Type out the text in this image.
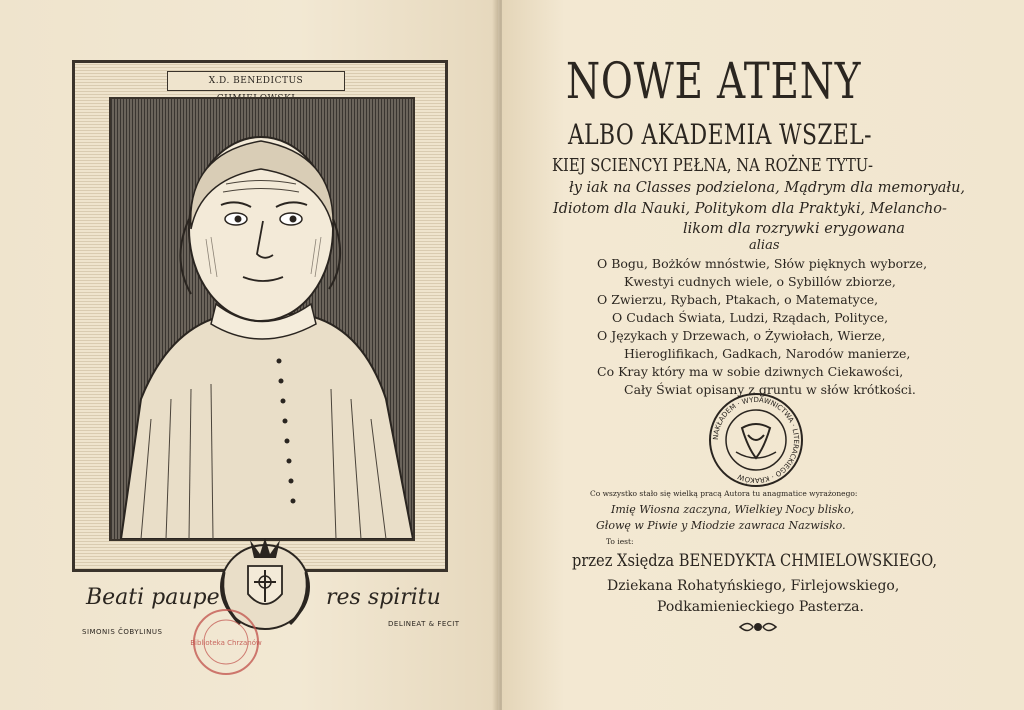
X.D. BENEDICTUS
Beati paupe	res spiritu
SIMONIS ČOBYLINUS
DELINEAT & FECIT
Biblioteka Chrzanów
NOWE ATENY
ALBO AKADEMIA WSZEL-
KIEJ SCIENCYI PEŁNA, NA ROŻNE TYTU-
ły iak na Classes podzielona, Mądrym dla memoryału,
Idiotom dla Nauki, Politykom dla Praktyki, Melancho-
likom dla rozrywki erygowana
alias
O Bogu, Bożków mnóstwie, Słów pięknych wyborze,
Kwestyi cudnych wiele, o Sybillów zbiorze,
O Zwierzu, Rybach, Ptakach, o Matematyce,
O Cudach Świata, Ludzi, Rządach, Polityce,
O Językach y Drzewach, o Żywiołach, Wierze,
Hieroglifikach, Gadkach, Narodów manierze,
Co Kray który ma w sobie dziwnych Ciekawości,
Cały Świat opisany z gruntu w słów krótkości.
NAKŁADEM · WYDAWNICTWA · LITERACKIEGO · KRAKÓW
Co wszystko stało się wielką pracą Autora tu anagmatice wyrażonego:
Imię Wiosna zaczyna, Wielkiey Nocy blisko,
Głowę w Piwie y Miodzie zawraca Nazwisko.
To iest:
przez Xsiędza BENEDYKTA CHMIELOWSKIEGO,
Dziekana Rohatyńskiego, Firlejowskiego,
Podkamienieckiego Pasterza.
